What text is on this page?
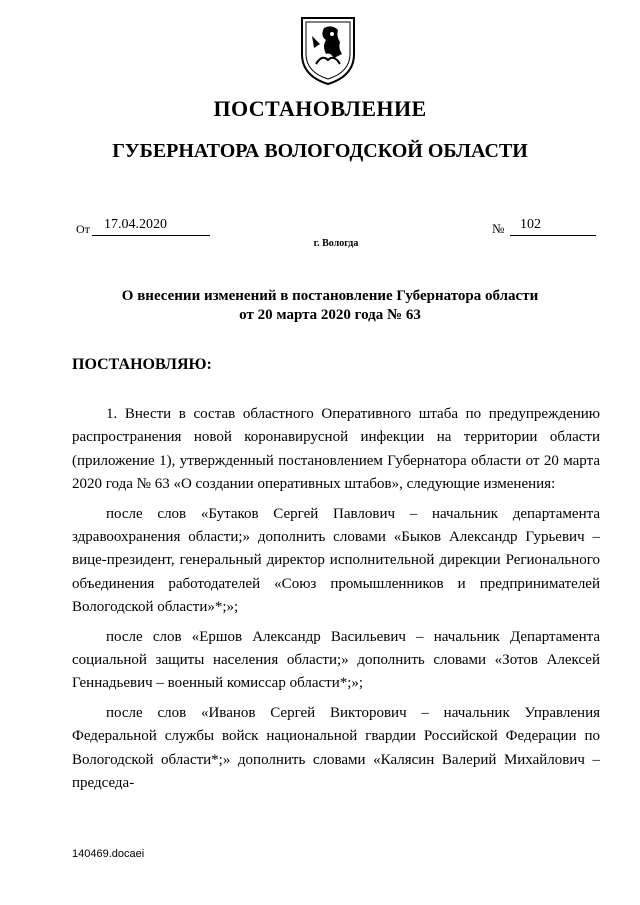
ПОСТАНОВЛЕНИЕ
ГУБЕРНАТОРА ВОЛОГОДСКОЙ ОБЛАСТИ
От	17.04.2020	№	102
г. Вологда
О внесении изменений в постановление Губернатора области
от 20 марта 2020 года № 63
ПОСТАНОВЛЯЮ:

1. Внести в состав областного Оперативного штаба по предупреждению распространения новой коронавирусной инфекции на территории области (приложение 1), утвержденный постановлением Губернатора области от 20 марта 2020 года № 63 «О создании оперативных штабов», следующие изменения:

после слов «Бутаков Сергей Павлович – начальник департамента здравоохранения области;» дополнить словами «Быков Александр Гурьевич – вице-президент, генеральный директор исполнительной дирекции Регионального объединения работодателей «Союз промышленников и предпринимателей Вологодской области»*;»;

после слов «Ершов Александр Васильевич – начальник Департамента социальной защиты населения области;» дополнить словами «Зотов Алексей Геннадьевич – военный комиссар области*;»;

после слов «Иванов Сергей Викторович – начальник Управления Федеральной службы войск национальной гвардии Российской Федерации по Вологодской области*;» дополнить словами «Калясин Валерий Михайлович – председа-

140469.docaei
